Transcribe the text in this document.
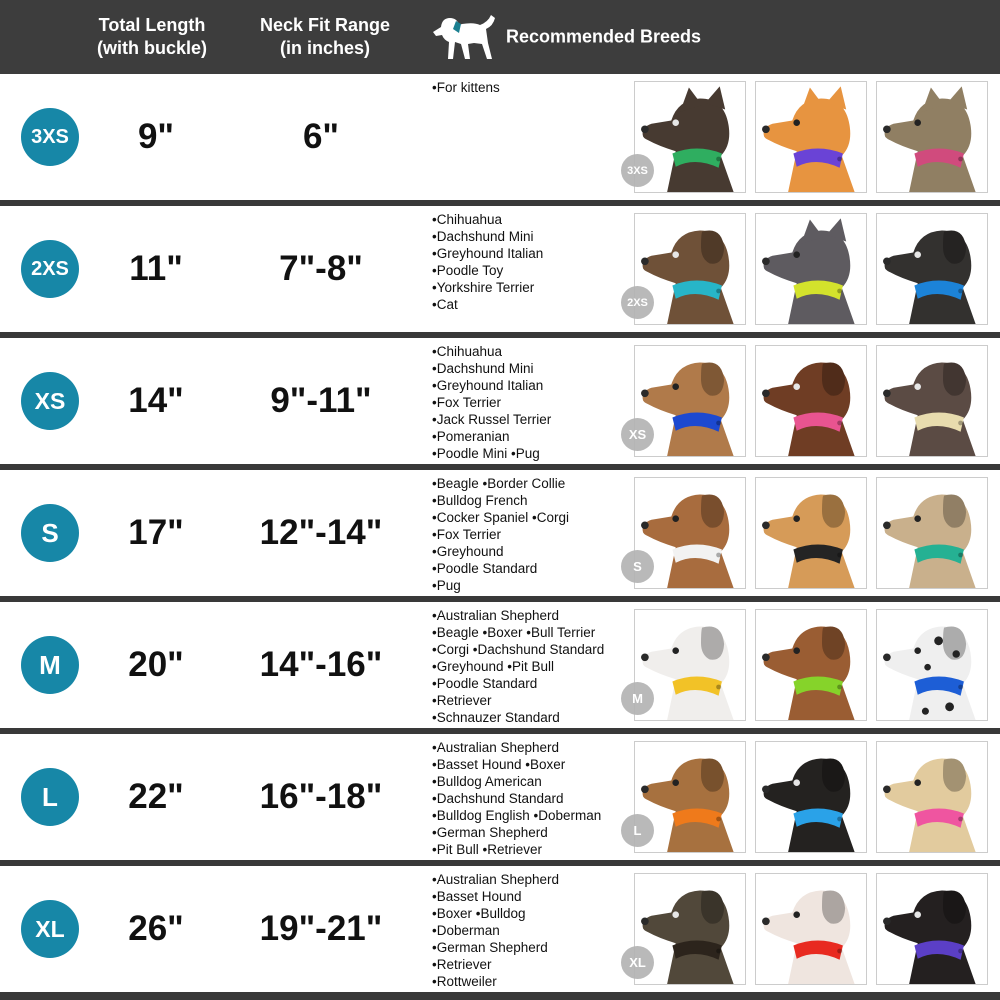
Total Length
(with buckle)
Neck Fit Range
(in inches)
Recommended Breeds
3XS	9"	6"
•For kittens
3XS
2XS	11"	7"-8"
•Chihuahua
•Dachshund Mini
•Greyhound Italian
•Poodle Toy
•Yorkshire Terrier
•Cat	2XS
XS	14"	9"-11"
•Chihuahua
•Dachshund Mini
•Greyhound Italian
•Fox Terrier
•Jack Russel Terrier
•Pomeranian
•Poodle Mini •Pug
XS
S	17"	12"-14"
•Beagle •Border Collie
•Bulldog French
•Cocker Spaniel •Corgi
•Fox Terrier
•Greyhound
•Poodle Standard
•Pug
S
M	20"	14"-16"
•Australian Shepherd
•Beagle •Boxer •Bull Terrier
•Corgi •Dachshund Standard
•Greyhound •Pit Bull
•Poodle Standard
•Retriever
•Schnauzer Standard
M
L	22"	16"-18"
•Australian Shepherd
•Basset Hound •Boxer
•Bulldog American
•Dachshund Standard
•Bulldog English •Doberman
•German Shepherd
•Pit Bull •Retriever
L
XL	26"	19"-21"
•Australian Shepherd
•Basset Hound
•Boxer •Bulldog
•Doberman
•German Shepherd
•Retriever
•Rottweiler
XL
